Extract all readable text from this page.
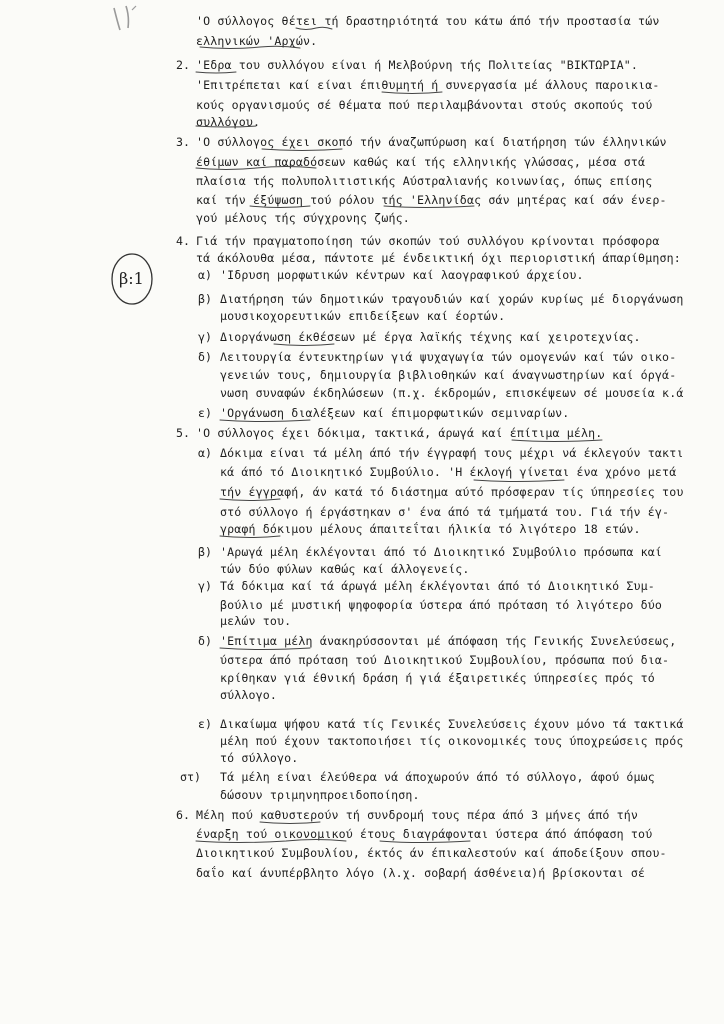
β:1
2.
3.
4.
5.
6.
α)
β)
γ)
δ)
ε)
α)
β)
γ)
δ)
ε)
στ)
'Ο σύλλογος θέτει τή δραστηριότητά του κάτω άπό τήν προστασία τών
ελληνικών 'Αρχών.
'Εδρα του συλλόγου είναι ή Μελβούρνη τής Πολιτείας "ΒΙΚΤΩΡΙΑ".
'Επιτρέπεται καί είναι έπιθυμητή ή συνεργασία μέ άλλους παροικια-
κούς οργανισμούς σέ θέματα πού περιλαμβάνονται στούς σκοπούς τού
συλλόγου.
'Ο σύλλογος έχει σκοπό τήν άναζωπύρωση καί διατήρηση τών έλληνικών
έθίμων καί παραδόσεων καθώς καί τής ελληνικής γλώσσας, μέσα στά
πλαίσια τής πολυπολιτιστικής Αύστραλιανής κοινωνίας, όπως επίσης
καί τήν έξύψωση τού ρόλου τής 'Ελληνίδας σάν μητέρας καί σάν ένερ-
γού μέλους τής σύγχρονης ζωής.
Γιά τήν πραγματοποίηση τών σκοπών τού συλλόγου κρίνονται πρόσφορα
τά άκόλουθα μέσα, πάντοτε μέ ένδεικτική όχι περιοριστική άπαρίθμηση:
'Ιδρυση μορφωτικών κέντρων καί λαογραφικού άρχείου.
Διατήρηση τών δημοτικών τραγουδιών καί χορών κυρίως μέ διοργάνωση
μουσικοχορευτικών επιδείξεων καί έορτών.
Διοργάνωση έκθέσεων μέ έργα λαϊκής τέχνης καί χειροτεχνίας.
Λειτουργία έντευκτηρίων γιά ψυχαγωγία τών ομογενών καί τών οικο-
γενειών τους, δημιουργία βιβλιοθηκών καί άναγνωστηρίων καί όργά-
νωση συναφών έκδηλώσεων (π.χ. έκδρομών, επισκέψεων σέ μουσεία κ.ά
'Οργάνωση διαλέξεων καί έπιμορφωτικών σεμιναρίων.
'Ο σύλλογος έχει δόκιμα, τακτικά, άρωγά καί έπίτιμα μέλη.
Δόκιμα είναι τά μέλη άπό τήν έγγραφή τους μέχρι νά έκλεγούν τακτι
κά άπό τό Διοικητικό Συμβούλιο. 'Η έκλογή γίνεται ένα χρόνο μετά
τήν έγγραφή, άν κατά τό διάστημα αύτό πρόσφεραν τίς ύπηρεσίες του
στό σύλλογο ή έργάστηκαν σ' ένα άπό τά τμήματά του. Γιά τήν έγ-
γραφή δόκιμου μέλους άπαιτεΐται ήλικία τό λιγότερο 18 ετών.
'Αρωγά μέλη έκλέγονται άπό τό Διοικητικό Συμβούλιο πρόσωπα καί
τών δύο φύλων καθώς καί άλλογενείς.
Τά δόκιμα καί τά άρωγά μέλη έκλέγονται άπό τό Διοικητικό Συμ-
βούλιο μέ μυστική ψηφοφορία ύστερα άπό πρόταση τό λιγότερο δύο
μελών του.
'Επίτιμα μέλη άνακηρύσσονται μέ άπόφαση τής Γενικής Συνελεύσεως,
ύστερα άπό πρόταση τού Διοικητικού Συμβουλίου, πρόσωπα πού δια-
κρίθηκαν γιά έθνική δράση ή γιά έξαιρετικές ύπηρεσίες πρός τό
σύλλογο.
Δικαίωμα ψήφου κατά τίς Γενικές Συνελεύσεις έχουν μόνο τά τακτικά
μέλη πού έχουν τακτοποιήσει τίς οικονομικές τους ύποχρεώσεις πρός
τό σύλλογο.
Τά μέλη είναι έλεύθερα νά άποχωρούν άπό τό σύλλογο, άφού όμως
δώσουν τριμηνηπροειδοποίηση.
Μέλη πού καθυστερούν τή συνδρομή τους πέρα άπό 3 μήνες άπό τήν
έναρξη τού οικονομικού έτους διαγράφονται ύστερα άπό άπόφαση τού
Διοικητικού Συμβουλίου, έκτός άν έπικαλεστούν καί άποδείξουν σπου-
δαΐο καί άνυπέρβλητο λόγο (λ.χ. σοβαρή άσθένεια)ή βρίσκονται σέ
